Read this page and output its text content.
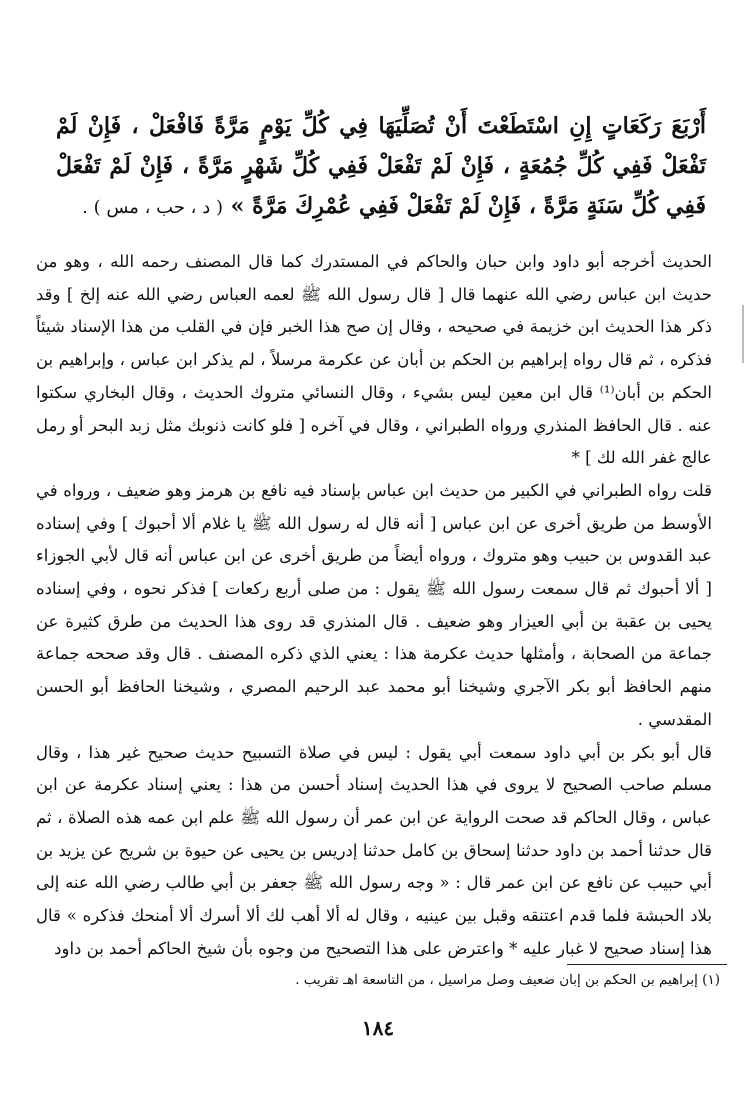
أَرْبَعَ رَكَعَاتٍ إِنِ اسْتَطَعْتَ أَنْ تُصَلِّيَهَا فِي كُلِّ يَوْمٍ مَرَّةً فَافْعَلْ ، فَإِنْ لَمْ تَفْعَلْ فَفِي كُلِّ جُمُعَةٍ ، فَإِنْ لَمْ تَفْعَلْ فَفِي كُلِّ شَهْرٍ مَرَّةً ، فَإِنْ لَمْ تَفْعَلْ فَفِي كُلِّ سَنَةٍ مَرَّةً ، فَإِنْ لَمْ تَفْعَلْ فَفِي عُمْرِكَ مَرَّةً » ( د ، حب ، مس ) .

الحديث أخرجه أبو داود وابن حبان والحاكم في المستدرك كما قال المصنف رحمه الله ، وهو من حديث ابن عباس رضي الله عنهما قال [ قال رسول الله ﷺ لعمه العباس رضي الله عنه إلخ ] وقد ذكر هذا الحديث ابن خزيمة في صحيحه ، وقال إن صح هذا الخبر فإن في القلب من هذا الإسناد شيئاً فذكره ، ثم قال رواه إبراهيم بن الحكم بن أبان عن عكرمة مرسلاً ، لم يذكر ابن عباس ، وإبراهيم بن الحكم بن أبان⁽¹⁾ قال ابن معين ليس بشيء ، وقال النسائي متروك الحديث ، وقال البخاري سكتوا عنه . قال الحافظ المنذري ورواه الطبراني ، وقال في آخره [ فلو كانت ذنوبك مثل زبد البحر أو رمل عالج غفر الله لك ] *

قلت رواه الطبراني في الكبير من حديث ابن عباس بإسناد فيه نافع بن هرمز وهو ضعيف ، ورواه في الأوسط من طريق أخرى عن ابن عباس [ أنه قال له رسول الله ﷺ يا غلام ألا أحبوك ] وفي إسناده عبد القدوس بن حبيب وهو متروك ، ورواه أيضاً من طريق أخرى عن ابن عباس أنه قال لأبي الجوزاء [ ألا أحبوك ثم قال سمعت رسول الله ﷺ يقول : من صلى أربع ركعات ] فذكر نحوه ، وفي إسناده يحيى بن عقبة بن أبي العيزار وهو ضعيف . قال المنذري قد روى هذا الحديث من طرق كثيرة عن جماعة من الصحابة ، وأمثلها حديث عكرمة هذا : يعني الذي ذكره المصنف . قال وقد صححه جماعة منهم الحافظ أبو بكر الآجري وشيخنا أبو محمد عبد الرحيم المصري ، وشيخنا الحافظ أبو الحسن المقدسي .

قال أبو بكر بن أبي داود سمعت أبي يقول : ليس في صلاة التسبيح حديث صحيح غير هذا ، وقال مسلم صاحب الصحيح لا يروى في هذا الحديث إسناد أحسن من هذا : يعني إسناد عكرمة عن ابن عباس ، وقال الحاكم قد صحت الرواية عن ابن عمر أن رسول الله ﷺ علم ابن عمه هذه الصلاة ، ثم قال حدثنا أحمد بن داود حدثنا إسحاق بن كامل حدثنا إدريس بن يحيى عن حيوة بن شريح عن يزيد بن أبي حبيب عن نافع عن ابن عمر قال : « وجه رسول الله ﷺ جعفر بن أبي طالب رضي الله عنه إلى بلاد الحبشة فلما قدم اعتنقه وقبل بين عينيه ، وقال له ألا أهب لك ألا أسرك ألا أمنحك فذكره » قال هذا إسناد صحيح لا غبار عليه * واعترض على هذا التصحيح من وجوه بأن شيخ الحاكم أحمد بن داود

(١) إبراهيم بن الحكم بن إبان ضعيف وصل مراسيل ، من التاسعة اهـ تقريب .
١٨٤
